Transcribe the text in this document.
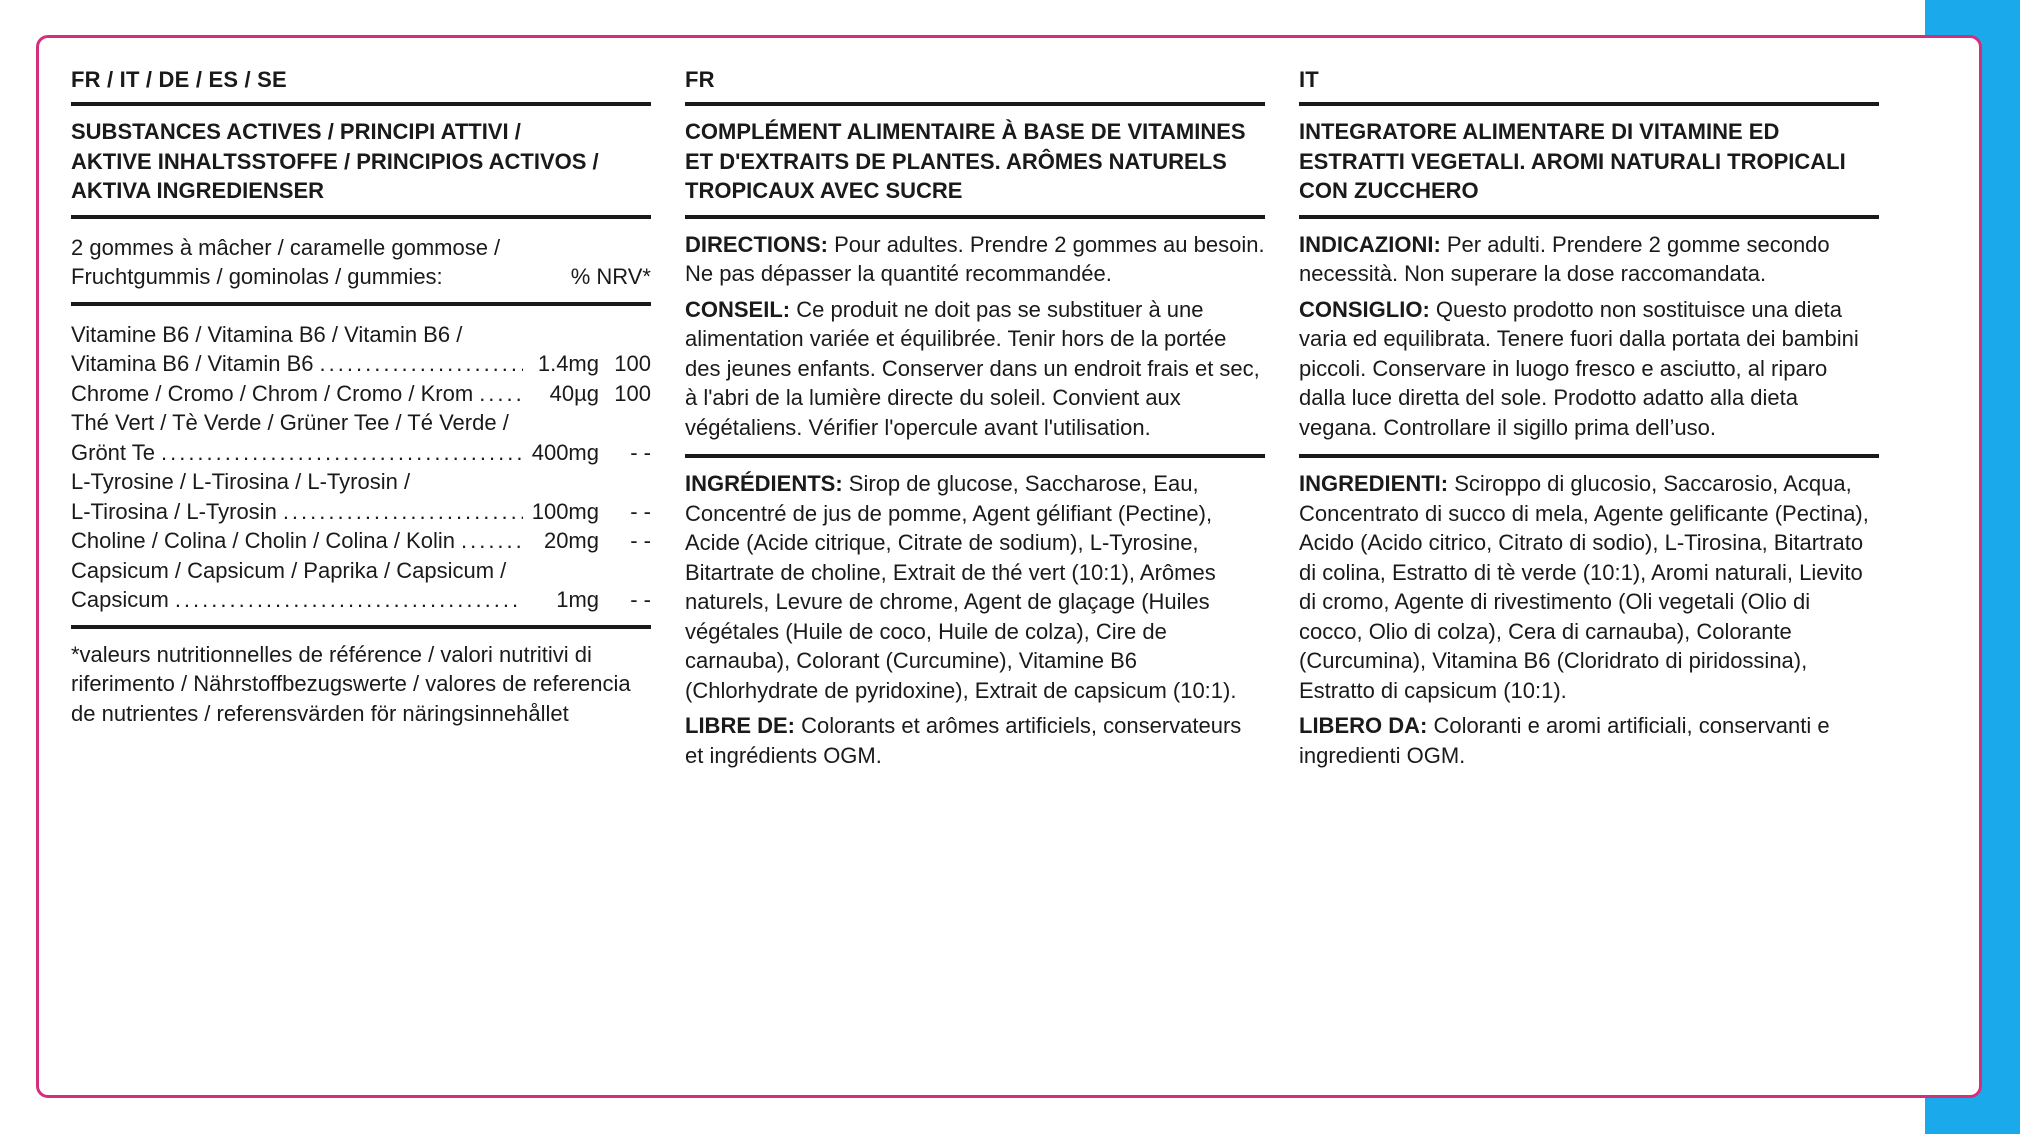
FR / IT / DE / ES / SE
SUBSTANCES ACTIVES / PRINCIPI ATTIVI /
AKTIVE INHALTSSTOFFE / PRINCIPIOS ACTIVOS /
AKTIVA INGREDIENSER

2 gommes à mâcher / caramelle gommose /

Fruchtgummis / gominolas / gummies:	% NRV*

Vitamine B6 / Vitamina B6 / Vitamin B6 /
Vitamina B6 / Vitamin B6 .....	1.4mg 100
Chrome / Cromo / Chrom / Cromo / Krom .....	40µg 100
Thé Vert / Tè Verde / Grüner Tee / Té Verde /
Grönt Te .....	400mg	- -
L-Tyrosine / L-Tirosina / L-Tyrosin /
L-Tirosina / L-Tyrosin .....	100mg	- -
Choline / Colina / Cholin / Colina / Kolin .....	20mg	- -
Capsicum / Capsicum / Paprika / Capsicum /
Capsicum .....	1mg	- -

*valeurs nutritionnelles de référence / valori nutritivi di riferimento / Nährstoffbezugswerte / valores de referencia de nutrientes / referensvärden för näringsinnehållet

FR
COMPLÉMENT ALIMENTAIRE À BASE DE VITAMINES ET D'EXTRAITS DE PLANTES. ARÔMES NATURELS TROPICAUX AVEC SUCRE

DIRECTIONS: Pour adultes. Prendre 2 gommes au besoin. Ne pas dépasser la quantité recommandée.

CONSEIL: Ce produit ne doit pas se substituer à une alimentation variée et équilibrée. Tenir hors de la portée des jeunes enfants. Conserver dans un endroit frais et sec, à l'abri de la lumière directe du soleil. Convient aux végétaliens. Vérifier l'opercule avant l'utilisation.

INGRÉDIENTS: Sirop de glucose, Saccharose, Eau, Concentré de jus de pomme, Agent gélifiant (Pectine), Acide (Acide citrique, Citrate de sodium), L-Tyrosine, Bitartrate de choline, Extrait de thé vert (10:1), Arômes naturels, Levure de chrome, Agent de glaçage (Huiles végétales (Huile de coco, Huile de colza), Cire de carnauba), Colorant (Curcumine), Vitamine B6 (Chlorhydrate de pyridoxine), Extrait de capsicum (10:1).

LIBRE DE: Colorants et arômes artificiels, conservateurs et ingrédients OGM.

IT
INTEGRATORE ALIMENTARE DI VITAMINE ED ESTRATTI VEGETALI. AROMI NATURALI TROPICALI CON ZUCCHERO

INDICAZIONI: Per adulti. Prendere 2 gomme secondo necessità. Non superare la dose raccomandata.

CONSIGLIO: Questo prodotto non sostituisce una dieta varia ed equilibrata. Tenere fuori dalla portata dei bambini piccoli. Conservare in luogo fresco e asciutto, al riparo dalla luce diretta del sole. Prodotto adatto alla dieta vegana. Controllare il sigillo prima dell’uso.

INGREDIENTI: Sciroppo di glucosio, Saccarosio, Acqua, Concentrato di succo di mela, Agente gelificante (Pectina), Acido (Acido citrico, Citrato di sodio), L-Tirosina, Bitartrato di colina, Estratto di tè verde (10:1), Aromi naturali, Lievito di cromo, Agente di rivestimento (Oli vegetali (Olio di cocco, Olio di colza), Cera di carnauba), Colorante (Curcumina), Vitamina B6 (Cloridrato di piridossina), Estratto di capsicum (10:1).

LIBERO DA: Coloranti e aromi artificiali, conservanti e ingredienti OGM.
